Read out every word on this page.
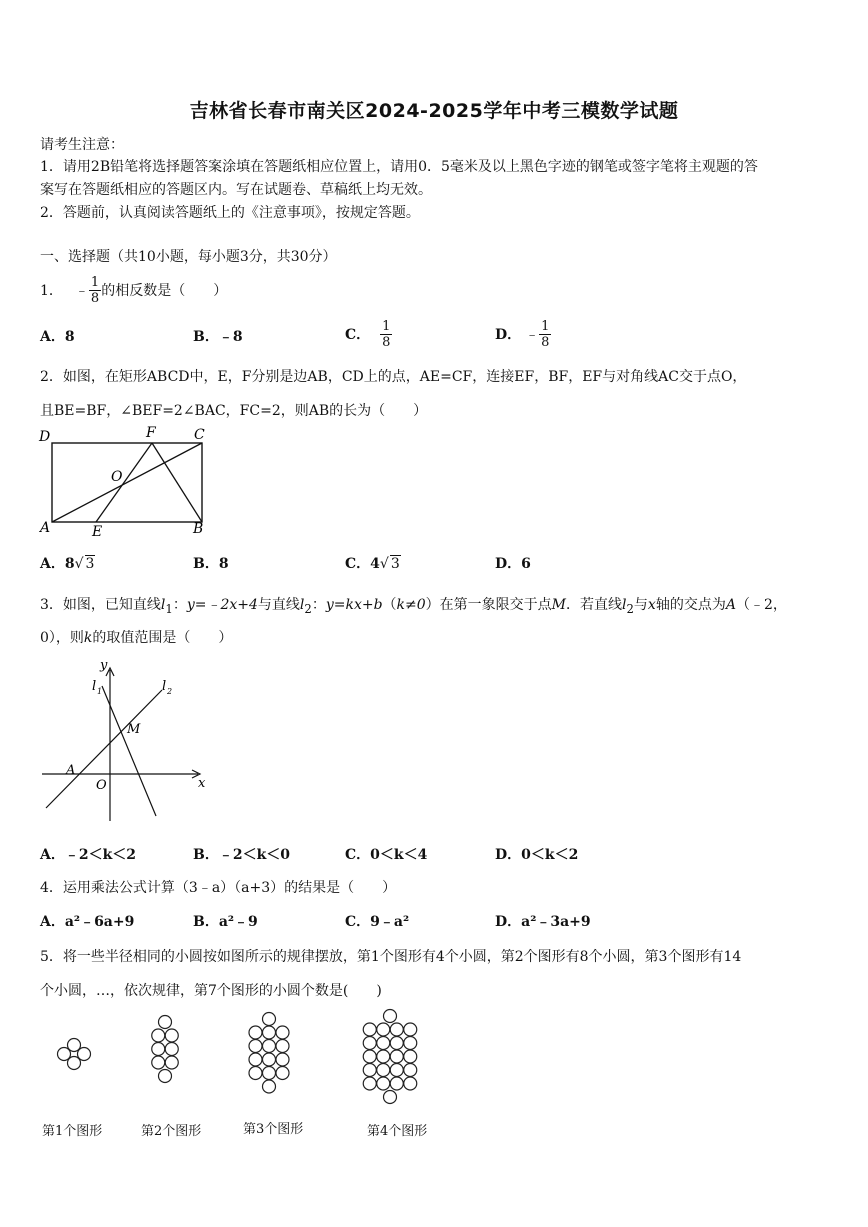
吉林省长春市南关区2024-2025学年中考三模数学试题
请考生注意：
1．请用2B铅笔将选择题答案涂填在答题纸相应位置上，请用0．5毫米及以上黑色字迹的钢笔或签字笔将主观题的答
案写在答题纸相应的答题区内。写在试题卷、草稿纸上均无效。
2．答题前，认真阅读答题纸上的《注意事项》，按规定答题。
一、选择题（共10小题，每小题3分，共30分）
1． ﹣ $\frac{1}{8}$ 的相反数是（　　）
A．8	B．﹣8	C． $\frac{1}{8}$	D． ﹣ $\frac{1}{8}$
2．如图，在矩形ABCD中，E，F分别是边AB，CD上的点，AE=CF，连接EF，BF，EF与对角线AC交于点O，
且BE=BF，∠BEF=2∠BAC，FC=2，则AB的长为（　　）
D	F	C
O
A	E	B
A．8√ 3	B．8	C．4√ 3	D．6
3．如图，已知直线$l_1$：y=﹣2x+4与直线$l_2$：y=kx+b（k≠0）在第一象限交于点M．若直线$l_2$与x轴的交点为A（﹣2，
0），则k的取值范围是（　　）
y
x
O
A
M
l 1	l 2
A．﹣2＜k＜2	B．﹣2＜k＜0	C．0＜k＜4	D．0＜k＜2
4．运用乘法公式计算（3﹣a）（a+3）的结果是（　　）
A．a²﹣6a+9	B．a²﹣9	C．9﹣a²	D．a²﹣3a+9
5．将一些半径相同的小圆按如图所示的规律摆放，第1个图形有4个小圆，第2个图形有8个小圆，第3个图形有14
个小圆，…，依次规律，第7个图形的小圆个数是(　　)
第1个图形	第2个图形	第3个图形	第4个图形
